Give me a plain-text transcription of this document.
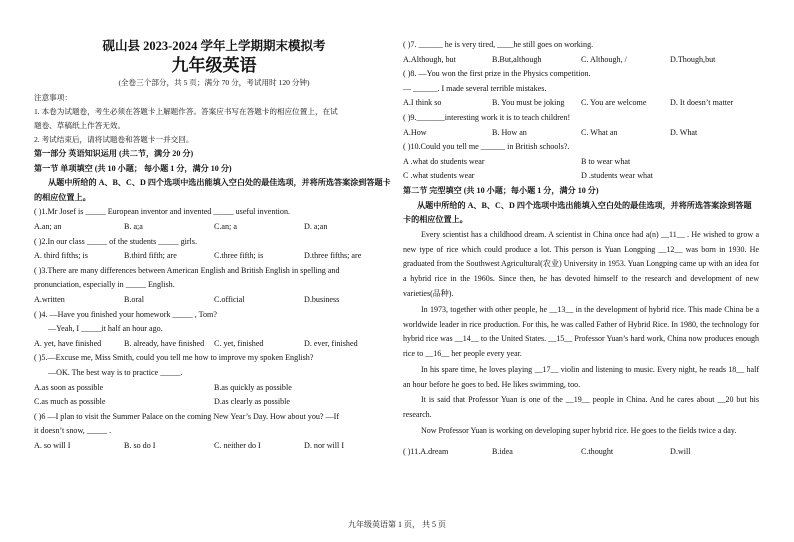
砚山县 2023-2024 学年上学期期末模拟考
九年级英语
(全卷三个部分，共 5 页；满分 70 分，考试用时 120 分钟)
注意事项：
1. 本卷为试题卷，考生必须在答题卡上解题作答。答案应书写在答题卡的相应位置上，在试
题卷、草稿纸上作答无效。
2. 考试结束后，请将试题卷和答题卡一并交回。
第一部分 英语知识运用 (共二节，满分 20 分)
第一节 单项填空 (共 10 小题； 每小题 1 分，满分 10 分)
从题中所给的 A、B、C、D 四个选项中选出能填入空白处的最佳选项，并将所选答案涂到答题卡的相应位置上。
( )1.Mr Josef is _____ European inventor and invented _____ useful invention.
A.an; an	B. a;a	C.an; a	D. a;an
( )2.In our class _____ of the students _____ girls.
A. third fifths; is	B.third fifth; are	C.three fifth; is	D.three fifths; are
( )3.There are many differences between American English and British English in spelling and
pronunciation, especially in _____ English.
A.written	B.oral	C.official	D.business
( )4. —Have you finished your homework _____ , Tom?
—Yeah, I _____it half an hour ago.
A. yet, have finished	B. already, have finished	C. yet, finished	D. ever, finished
( )5.—Excuse me, Miss Smith, could you tell me how to improve my spoken English?
—OK. The best way is to practice _____.
A.as soon as possible	B.as quickly as possible
C.as much as possible	D.as clearly as possible
( )6 —I plan to visit the Summer Palace on the coming New Year’s Day. How about you? —If
it doesn’t snow, _____ .
A. so will I	B. so do I	C. neither do I	D. nor will I
( )7. ______ he is very tired, ____he still goes on working.
A.Although, but	B.But,although	C. Although, /	D.Though,but
( )8. —You won the first prize in the Physics competition.
— ______. I made several terrible mistakes.
A.I think so	B. You must be joking	C. You are welcome	D. It doesn’t matter
( )9._______interesting work it is to teach children!
A.How	B. How an	C. What an	D. What
( )10.Could you tell me ______ in British schools?.
A .what do students wear	B to wear what
C .what students wear	D .students wear what
第二节 完型填空 (共 10 小题；每小题 1 分，满分 10 分)
从题中所给的 A、B、C、D 四个选项中选出能填入空白处的最佳选项，并将所选答案涂到答题卡的相应位置上。

Every scientist has a childhood dream. A scientist in China once had a(n) __11__ . He wished to grow a new type of rice which could produce a lot. This person is Yuan Longping __12__ was born in 1930. He graduated from the Southwest Agricultural(农业) University in 1953. Yuan Longping came up with an idea for a hybrid rice in the 1960s. Since then, he has devoted himself to the research and development of new varieties(品种).

In 1973, together with other people, he __13__ in the development of hybrid rice. This made China be a worldwide leader in rice production. For this, he was called Father of Hybrid Rice. In 1980, the technology for hybrid rice was __14__ to the United States. __15__ Professor Yuan’s hard work, China now produces enough rice to __16__ her people every year.

In his spare time, he loves playing __17__ violin and listening to music. Every night, he reads 18__ half an hour before he goes to bed. He likes swimming, too.

It is said that Professor Yuan is one of the __19__ people in China. And he cares about __20 but his research.

Now Professor Yuan is working on developing super hybrid rice. He goes to the fields twice a day.

( )11.A.dream	B.idea	C.thought	D.will
九年级英语第 1 页， 共 5 页
